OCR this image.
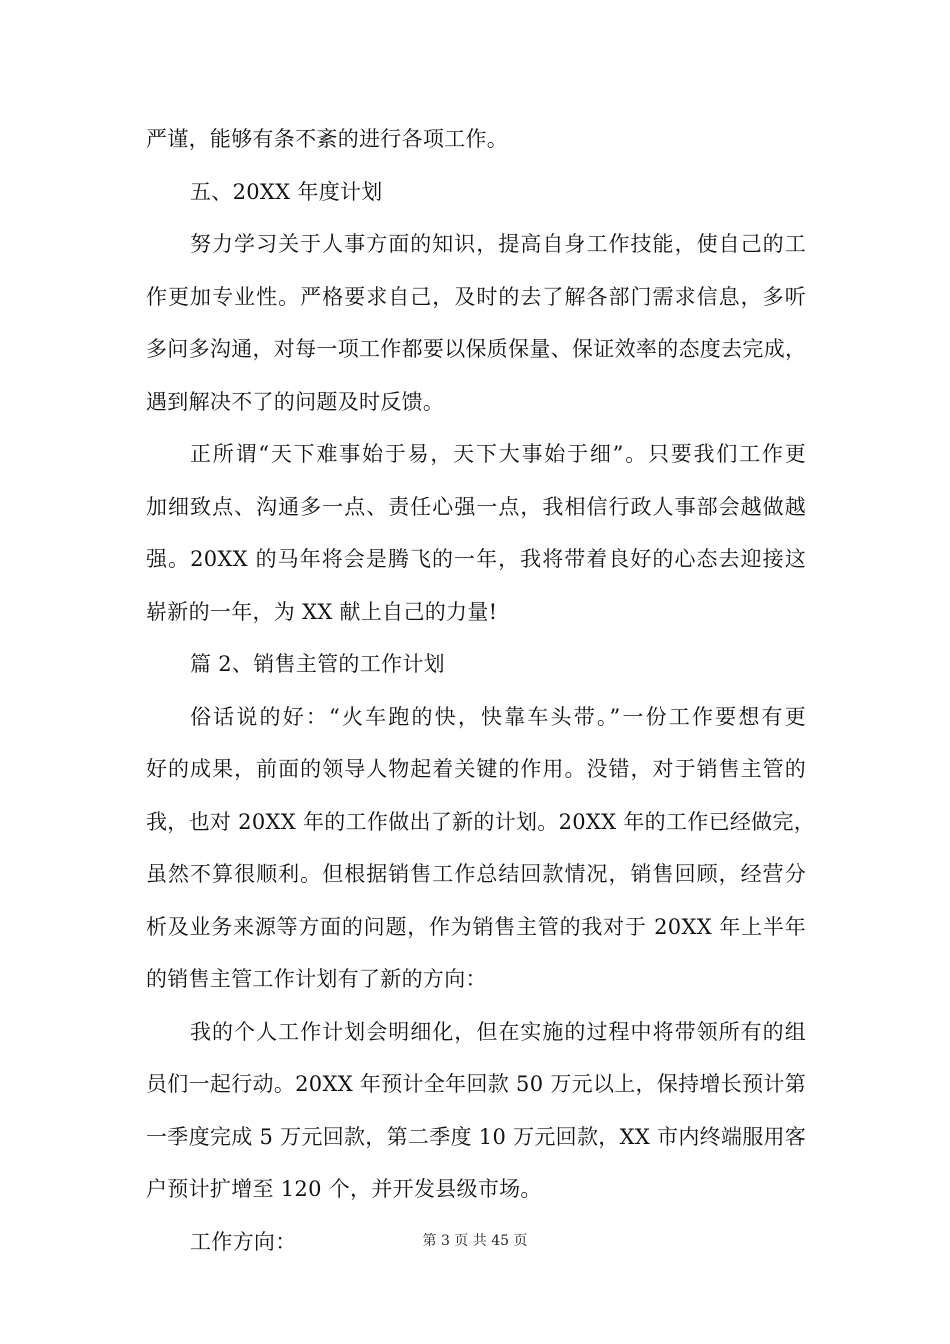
严谨，能够有条不紊的进行各项工作。
五、20XX 年度计划
努力学习关于人事方面的知识，提高自身工作技能，使自己的工
作更加专业性。严格要求自己，及时的去了解各部门需求信息，多听
多问多沟通，对每一项工作都要以保质保量、保证效率的态度去完成，
遇到解决不了的问题及时反馈。
正所谓“天下难事始于易，天下大事始于细”。只要我们工作更
加细致点、沟通多一点、责任心强一点，我相信行政人事部会越做越
强。20XX 的马年将会是腾飞的一年，我将带着良好的心态去迎接这
崭新的一年，为 XX 献上自己的力量!
篇 2、销售主管的工作计划
俗话说的好：“火车跑的快，快靠车头带。”一份工作要想有更
好的成果，前面的领导人物起着关键的作用。没错，对于销售主管的
我，也对 20XX 年的工作做出了新的计划。20XX 年的工作已经做完，
虽然不算很顺利。但根据销售工作总结回款情况，销售回顾，经营分
析及业务来源等方面的问题，作为销售主管的我对于 20XX 年上半年
的销售主管工作计划有了新的方向：
我的个人工作计划会明细化，但在实施的过程中将带领所有的组
员们一起行动。20XX 年预计全年回款 50 万元以上，保持增长预计第
一季度完成 5 万元回款，第二季度 10 万元回款，XX 市内终端服用客
户预计扩增至 120 个，并开发县级市场。
工作方向：	第 3 页 共 45 页
